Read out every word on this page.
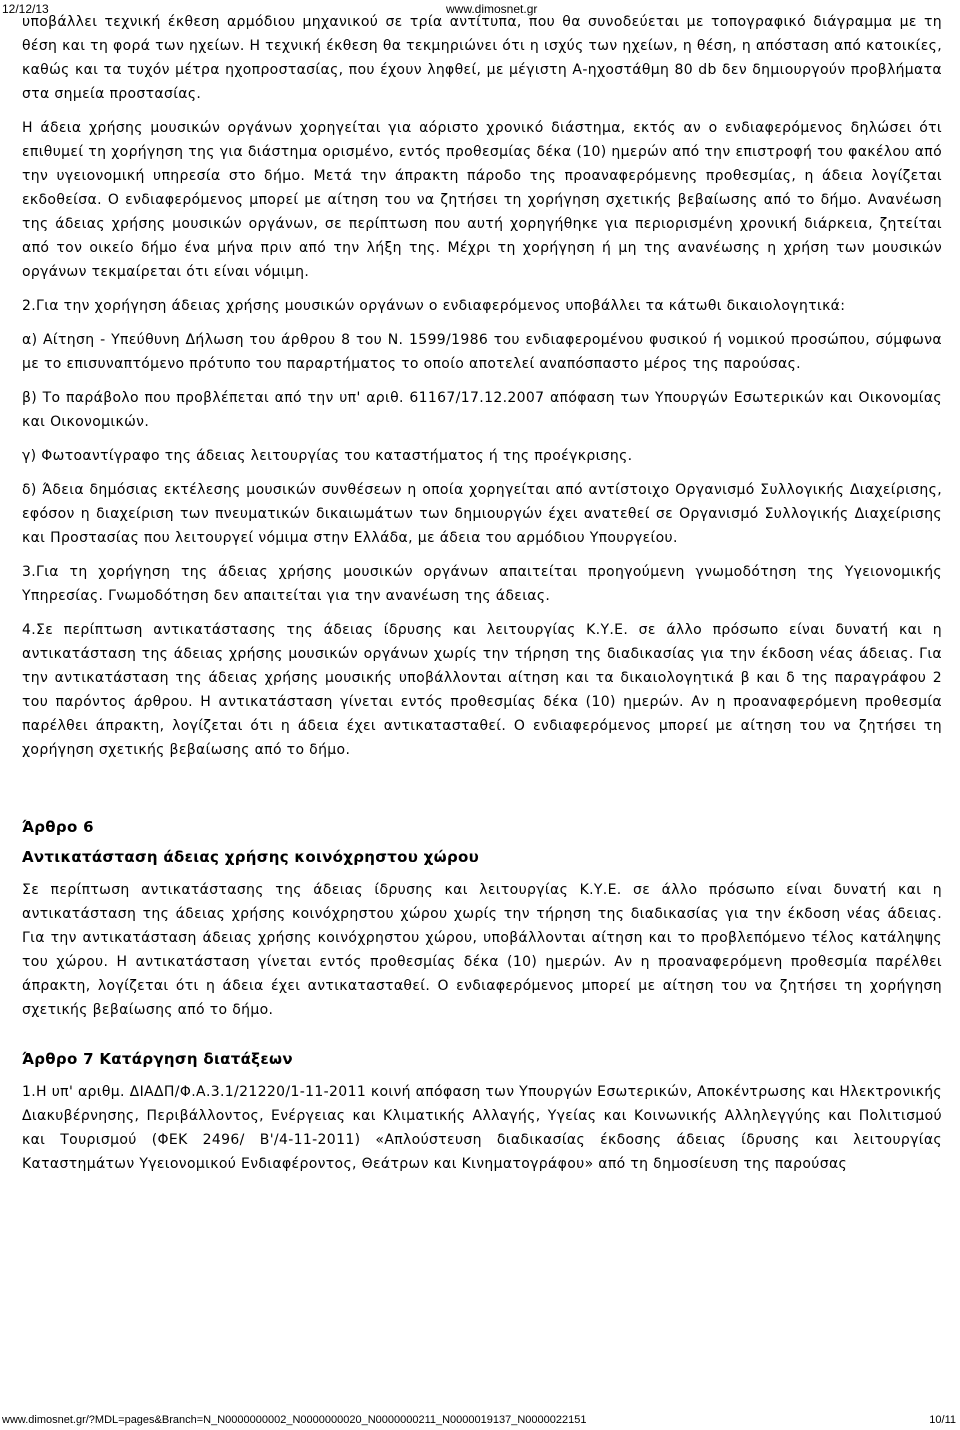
12/12/13	www.dimosnet.gr

υποβάλλει τεχνική έκθεση αρμόδιου μηχανικού σε τρία αντίτυπα, που θα συνοδεύεται με τοπογραφικό διάγραμμα με τη θέση και τη φορά των ηχείων. Η τεχνική έκθεση θα τεκμηριώνει ότι η ισχύς των ηχείων, η θέση, η απόσταση από κατοικίες, καθώς και τα τυχόν μέτρα ηχοπροστασίας, που έχουν ληφθεί, με μέγιστη Α-ηχοστάθμη 80 db δεν δημιουργούν προβλήματα στα σημεία προστασίας.

Η άδεια χρήσης μουσικών οργάνων χορηγείται για αόριστο χρονικό διάστημα, εκτός αν ο ενδιαφερόμενος δηλώσει ότι επιθυμεί τη χορήγηση της για διάστημα ορισμένο, εντός προθεσμίας δέκα (10) ημερών από την επιστροφή του φακέλου από την υγειονομική υπηρεσία στο δήμο. Μετά την άπρακτη πάροδο της προαναφερόμενης προθεσμίας, η άδεια λογίζεται εκδοθείσα. Ο ενδιαφερόμενος μπορεί με αίτηση του να ζητήσει τη χορήγηση σχετικής βεβαίωσης από το δήμο. Ανανέωση της άδειας χρήσης μουσικών οργάνων, σε περίπτωση που αυτή χορηγήθηκε για περιορισμένη χρονική διάρκεια, ζητείται από τον οικείο δήμο ένα μήνα πριν από την λήξη της. Μέχρι τη χορήγηση ή μη της ανανέωσης η χρήση των μουσικών οργάνων τεκμαίρεται ότι είναι νόμιμη.

2.Για την χορήγηση άδειας χρήσης μουσικών οργάνων ο ενδιαφερόμενος υποβάλλει τα κάτωθι δικαιολογητικά:

α) Αίτηση - Υπεύθυνη Δήλωση του άρθρου 8 του Ν. 1599/1986 του ενδιαφερομένου φυσικού ή νομικού προσώπου, σύμφωνα με το επισυναπτόμενο πρότυπο του παραρτήματος το οποίο αποτελεί αναπόσπαστο μέρος της παρούσας.

β) Το παράβολο που προβλέπεται από την υπ' αριθ. 61167/17.12.2007 απόφαση των Υπουργών Εσωτερικών και Οικονομίας και Οικονομικών.

γ) Φωτοαντίγραφο της άδειας λειτουργίας του καταστήματος ή της προέγκρισης.

δ) Άδεια δημόσιας εκτέλεσης μουσικών συνθέσεων η οποία χορηγείται από αντίστοιχο Οργανισμό Συλλογικής Διαχείρισης, εφόσον η διαχείριση των πνευματικών δικαιωμάτων των δημιουργών έχει ανατεθεί σε Οργανισμό Συλλογικής Διαχείρισης και Προστασίας που λειτουργεί νόμιμα στην Ελλάδα, με άδεια του αρμόδιου Υπουργείου.

3.Για τη χορήγηση της άδειας χρήσης μουσικών οργάνων απαιτείται προηγούμενη γνωμοδότηση της Υγειονομικής Υπηρεσίας. Γνωμοδότηση δεν απαιτείται για την ανανέωση της άδειας.

4.Σε περίπτωση αντικατάστασης της άδειας ίδρυσης και λειτουργίας Κ.Υ.Ε. σε άλλο πρόσωπο είναι δυνατή και η αντικατάσταση της άδειας χρήσης μουσικών οργάνων χωρίς την τήρηση της διαδικασίας για την έκδοση νέας άδειας. Για την αντικατάσταση της άδειας χρήσης μουσικής υποβάλλονται αίτηση και τα δικαιολογητικά β και δ της παραγράφου 2 του παρόντος άρθρου. Η αντικατάσταση γίνεται εντός προθεσμίας δέκα (10) ημερών. Αν η προαναφερόμενη προθεσμία παρέλθει άπρακτη, λογίζεται ότι η άδεια έχει αντικατασταθεί. Ο ενδιαφερόμενος μπορεί με αίτηση του να ζητήσει τη χορήγηση σχετικής βεβαίωσης από το δήμο.

Άρθρο 6
Αντικατάσταση άδειας χρήσης κοινόχρηστου χώρου

Σε περίπτωση αντικατάστασης της άδειας ίδρυσης και λειτουργίας Κ.Υ.Ε. σε άλλο πρόσωπο είναι δυνατή και η αντικατάσταση της άδειας χρήσης κοινόχρηστου χώρου χωρίς την τήρηση της διαδικασίας για την έκδοση νέας άδειας. Για την αντικατάσταση άδειας χρήσης κοινόχρηστου χώρου, υποβάλλονται αίτηση και το προβλεπόμενο τέλος κατάληψης του χώρου. Η αντικατάσταση γίνεται εντός προθεσμίας δέκα (10) ημερών. Αν η προαναφερόμενη προθεσμία παρέλθει άπρακτη, λογίζεται ότι η άδεια έχει αντικατασταθεί. Ο ενδιαφερόμενος μπορεί με αίτηση του να ζητήσει τη χορήγηση σχετικής βεβαίωσης από το δήμο.

Άρθρο 7 Κατάργηση διατάξεων

1.Η υπ' αριθμ. ΔΙΑΔΠ/Φ.Α.3.1/21220/1-11-2011 κοινή απόφαση των Υπουργών Εσωτερικών, Αποκέντρωσης και Ηλεκτρονικής Διακυβέρνησης, Περιβάλλοντος, Ενέργειας και Κλιματικής Αλλαγής, Υγείας και Κοινωνικής Αλληλεγγύης και Πολιτισμού και Τουρισμού (ΦΕΚ 2496/ Β'/4-11-2011) «Απλούστευση διαδικασίας έκδοσης άδειας ίδρυσης και λειτουργίας Καταστημάτων Υγειονομικού Ενδιαφέροντος, Θεάτρων και Κινηματογράφου» από τη δημοσίευση της παρούσας

www.dimosnet.gr/?MDL=pages&Branch=N_N0000000002_N0000000020_N0000000211_N0000019137_N0000022151	10/11
